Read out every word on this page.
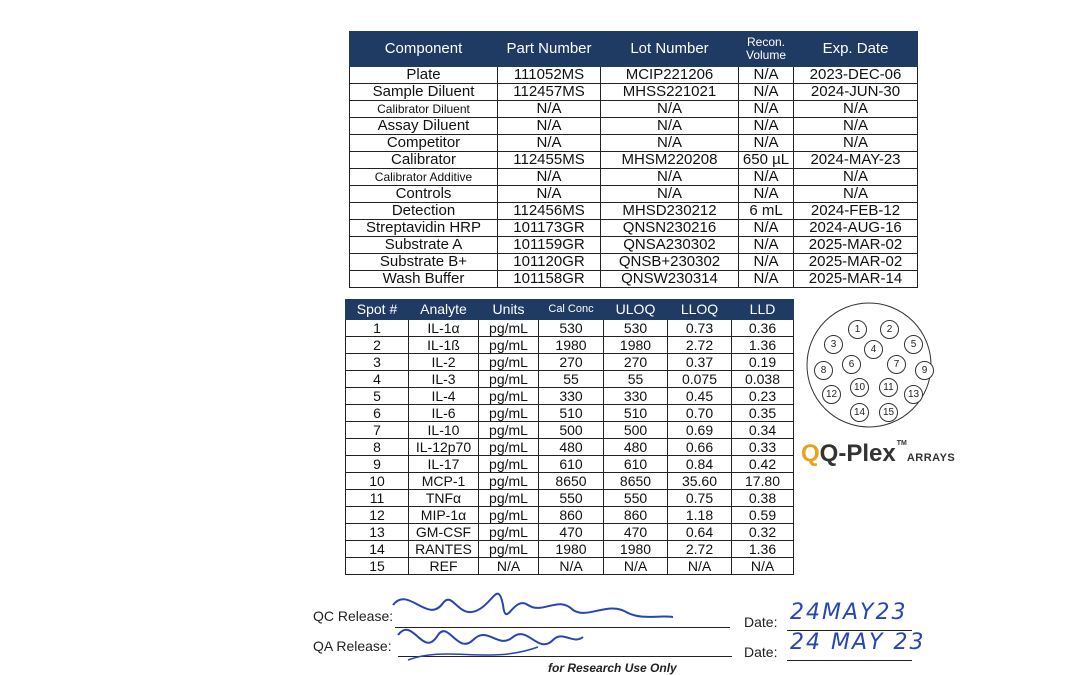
Component	Part Number	Lot Number	Recon. Volume	Exp. Date
Plate	111052MS	MCIP221206	N/A	2023-DEC-06
Sample Diluent	112457MS	MHSS221021	N/A	2024-JUN-30
Calibrator Diluent	N/A	N/A	N/A	N/A
Assay Diluent	N/A	N/A	N/A	N/A
Competitor	N/A	N/A	N/A	N/A
Calibrator	112455MS	MHSM220208	650 µL	2024-MAY-23
Calibrator Additive	N/A	N/A	N/A	N/A
Controls	N/A	N/A	N/A	N/A
Detection	112456MS	MHSD230212	6 mL	2024-FEB-12
Streptavidin HRP	101173GR	QNSN230216	N/A	2024-AUG-16
Substrate A	101159GR	QNSA230302	N/A	2025-MAR-02
Substrate B+	101120GR	QNSB+230302	N/A	2025-MAR-02
Wash Buffer	101158GR	QNSW230314	N/A	2025-MAR-14
Spot #	Analyte	Units	Cal Conc	ULOQ	LLOQ	LLD
1	IL-1α	pg/mL	530	530	0.73	0.36
2	IL-1ß	pg/mL	1980	1980	2.72	1.36
3	IL-2	pg/mL	270	270	0.37	0.19
4	IL-3	pg/mL	55	55	0.075	0.038
5	IL-4	pg/mL	330	330	0.45	0.23
6	IL-6	pg/mL	510	510	0.70	0.35
7	IL-10	pg/mL	500	500	0.69	0.34
8	IL-12p70	pg/mL	480	480	0.66	0.33
9	IL-17	pg/mL	610	610	0.84	0.42
10	MCP-1	pg/mL	8650	8650	35.60	17.80
11	TNFα	pg/mL	550	550	0.75	0.38
12	MIP-1α	pg/mL	860	860	1.18	0.59
13	GM-CSF	pg/mL	470	470	0.64	0.32
14	RANTES	pg/mL	1980	1980	2.72	1.36
15	REF	N/A	N/A	N/A	N/A	N/A
1	2
3	4	5
6	7
8	9
10	11
12	13
14	15
QQ-Plex™ARRAYS
QC Release:
QA Release:
Date: 24MAY23
Date: 24 MAY 23
for Research Use Only
